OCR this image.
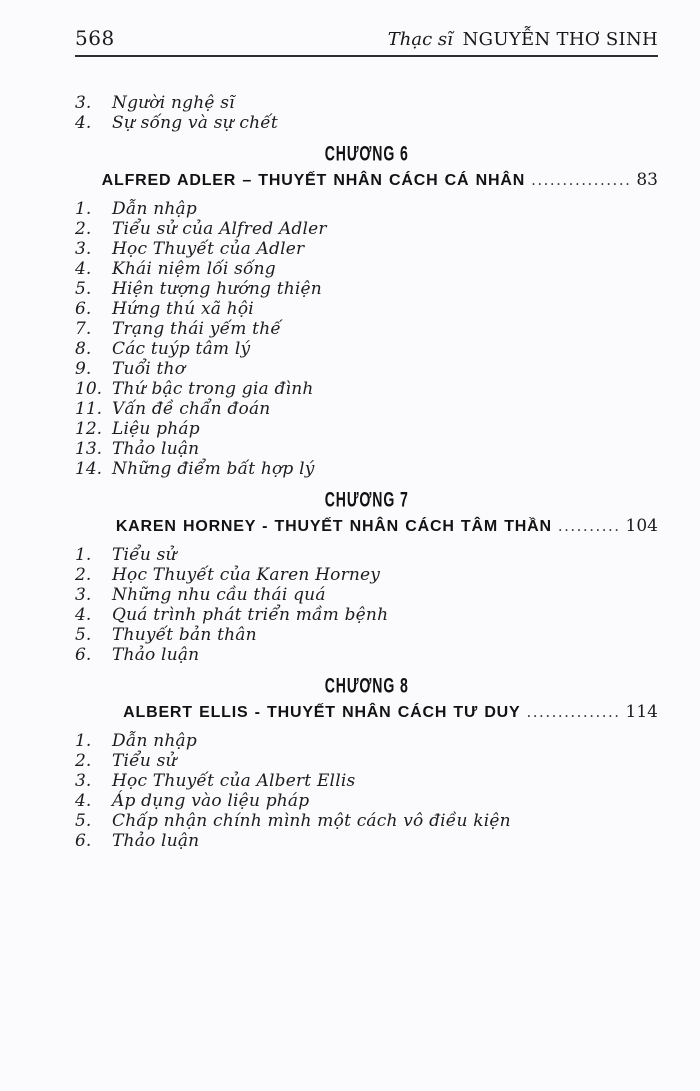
568	Thạc sĩ NGUYỄN THƠ SINH
3.	Người nghệ sĩ
4.	Sự sống và sự chết
CHƯƠNG 6
ALFRED ADLER – THUYẾT NHÂN CÁCH CÁ NHÂN ................ 83
1.	Dẫn nhập
2.	Tiểu sử của Alfred Adler
3.	Học Thuyết của Adler
4.	Khái niệm lối sống
5.	Hiện tượng hướng thiện
6.	Hứng thú xã hội
7.	Trạng thái yếm thế
8.	Các tuýp tâm lý
9.	Tuổi thơ
10. Thứ bậc trong gia đình
11. Vấn đề chẩn đoán
12. Liệu pháp
13. Thảo luận
14. Những điểm bất hợp lý
CHƯƠNG 7
KAREN HORNEY - THUYẾT NHÂN CÁCH TÂM THẦN .......... 104
1.	Tiểu sử
2.	Học Thuyết của Karen Horney
3.	Những nhu cầu thái quá
4.	Quá trình phát triển mầm bệnh
5.	Thuyết bản thân
6.	Thảo luận
CHƯƠNG 8
ALBERT ELLIS - THUYẾT NHÂN CÁCH TƯ DUY ............... 114
1.	Dẫn nhập
2.	Tiểu sử
3.	Học Thuyết của Albert Ellis
4.	Áp dụng vào liệu pháp
5.	Chấp nhận chính mình một cách vô điều kiện
6.	Thảo luận
